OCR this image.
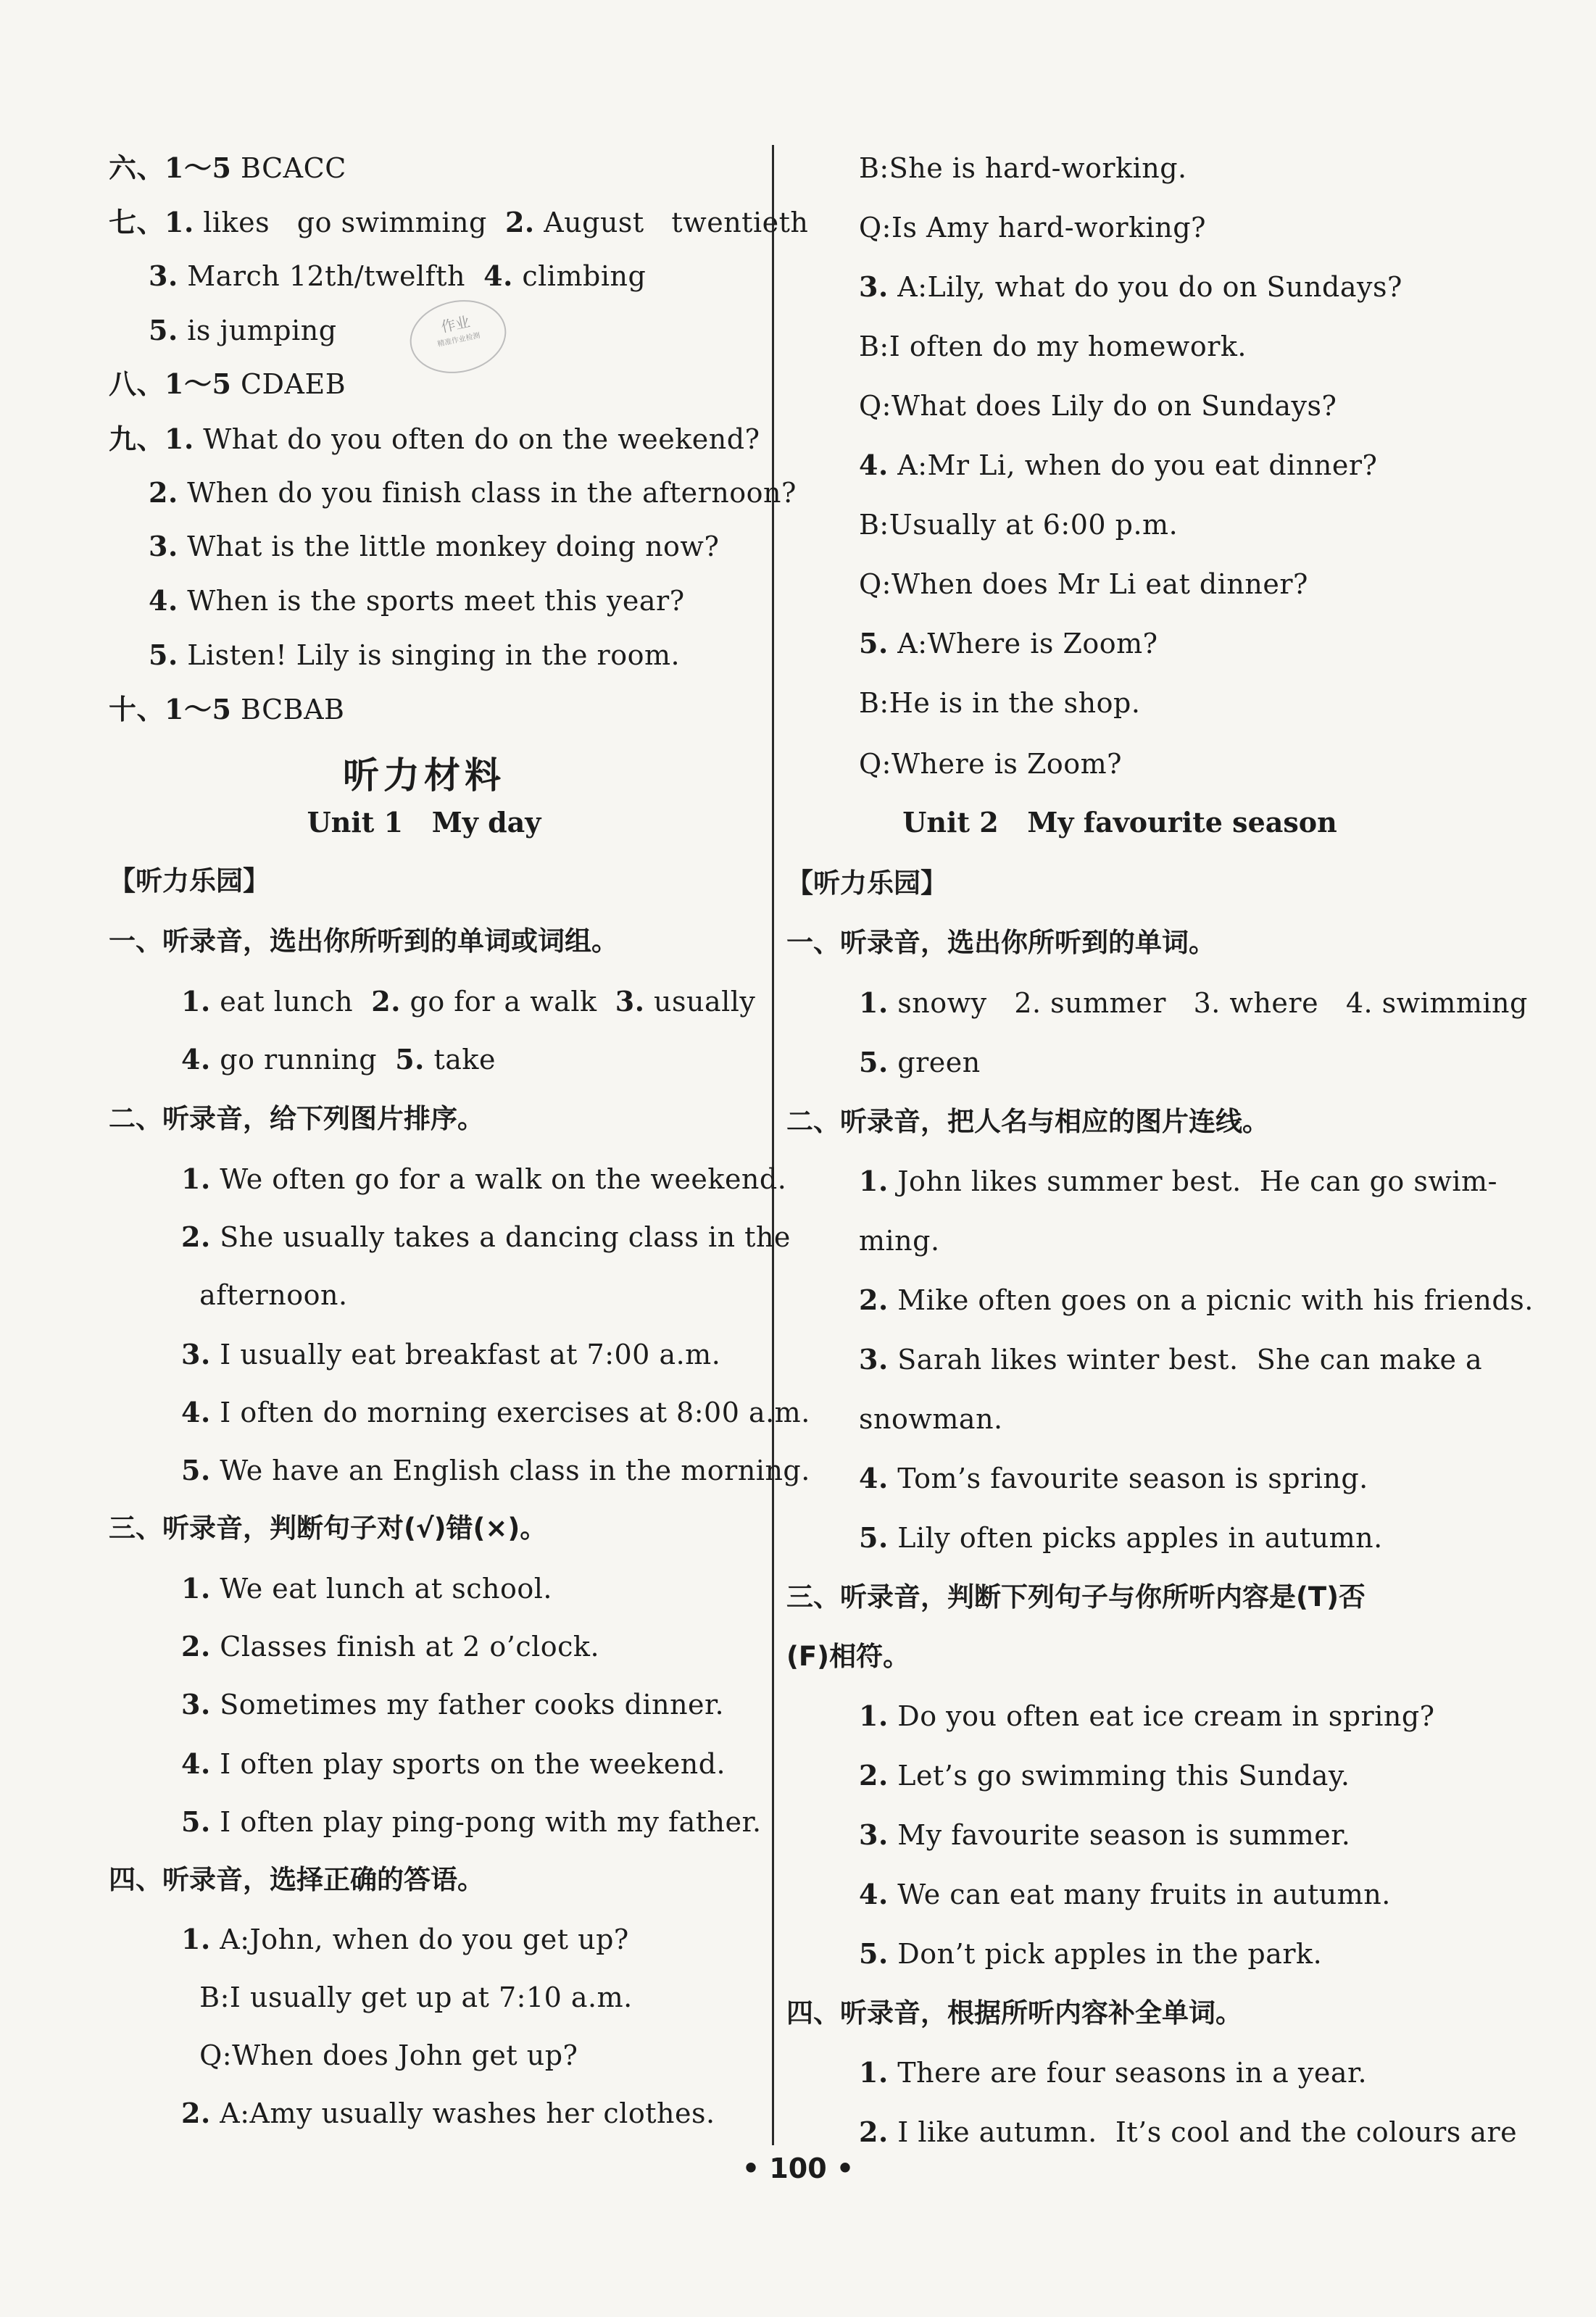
六、1～5 BCACC
七、1. likes   go swimming  2. August   twentieth
3. March 12th/twelfth  4. climbing
5. is jumping
八、1～5 CDAEB
九、1. What do you often do on the weekend?
2. When do you finish class in the afternoon?
3. What is the little monkey doing now?
4. When is the sports meet this year?
5. Listen! Lily is singing in the room.
十、1～5 BCBAB
听力材料
Unit 1   My day
【听力乐园】
一、听录音，选出你所听到的单词或词组。
1. eat lunch  2. go for a walk  3. usually
4. go running  5. take
二、听录音，给下列图片排序。
1. We often go for a walk on the weekend.
2. She usually takes a dancing class in the
afternoon.
3. I usually eat breakfast at 7:00 a.m.
4. I often do morning exercises at 8:00 a.m.
5. We have an English class in the morning.
三、听录音，判断句子对(√)错(×)。
1. We eat lunch at school.
2. Classes finish at 2 o’clock.
3. Sometimes my father cooks dinner.
4. I often play sports on the weekend.
5. I often play ping-pong with my father.
四、听录音，选择正确的答语。
1. A:John, when do you get up?
B:I usually get up at 7:10 a.m.
Q:When does John get up?
2. A:Amy usually washes her clothes.
B:She is hard-working.
Q:Is Amy hard-working?
3. A:Lily, what do you do on Sundays?
B:I often do my homework.
Q:What does Lily do on Sundays?
4. A:Mr Li, when do you eat dinner?
B:Usually at 6:00 p.m.
Q:When does Mr Li eat dinner?
5. A:Where is Zoom?
B:He is in the shop.
Q:Where is Zoom?
Unit 2   My favourite season
【听力乐园】
一、听录音，选出你所听到的单词。
1. snowy   2. summer   3. where   4. swimming
5. green
二、听录音，把人名与相应的图片连线。
1. John likes summer best.  He can go swim-
ming.
2. Mike often goes on a picnic with his friends.
3. Sarah likes winter best.  She can make a
snowman.
4. Tom’s favourite season is spring.
5. Lily often picks apples in autumn.
三、听录音，判断下列句子与你所听内容是(T)否
(F)相符。
1. Do you often eat ice cream in spring?
2. Let’s go swimming this Sunday.
3. My favourite season is summer.
4. We can eat many fruits in autumn.
5. Don’t pick apples in the park.
四、听录音，根据所听内容补全单词。
1. There are four seasons in a year.
2. I like autumn.  It’s cool and the colours are
作业
精准作业检测
• 100 •
